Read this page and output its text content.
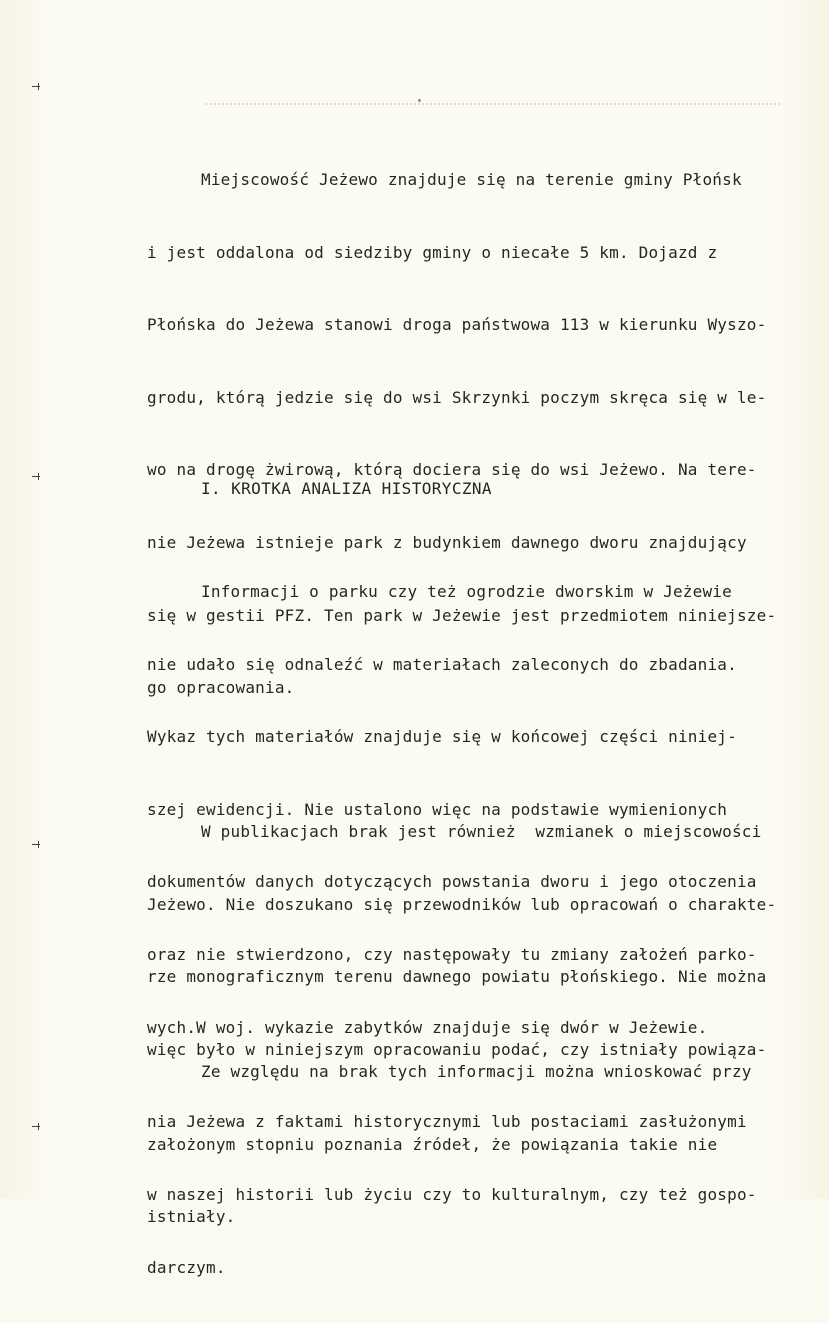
Miejscowość Jeżewo znajduje się na terenie gminy Płońsk

i jest oddalona od siedziby gminy o niecałe 5 km. Dojazd z

Płońska do Jeżewa stanowi droga państwowa 113 w kierunku Wyszo-

grodu, którą jedzie się do wsi Skrzynki poczym skręca się w le-

wo na drogę żwirową, którą dociera się do wsi Jeżewo. Na tere-

nie Jeżewa istnieje park z budynkiem dawnego dworu znajdujący

się w gestii PFZ. Ten park w Jeżewie jest przedmiotem niniejsze-

go opracowania.

I. KROTKA ANALIZA HISTORYCZNA

Informacji o parku czy też ogrodzie dworskim w Jeżewie

nie udało się odnaleźć w materiałach zaleconych do zbadania.

Wykaz tych materiałów znajduje się w końcowej części niniej-

szej ewidencji. Nie ustalono więc na podstawie wymienionych

dokumentów danych dotyczących powstania dworu i jego otoczenia

oraz nie stwierdzono, czy następowały tu zmiany założeń parko-

wych.W woj. wykazie zabytków znajduje się dwór w Jeżewie.

W publikacjach brak jest również  wzmianek o miejscowości

Jeżewo. Nie doszukano się przewodników lub opracowań o charakte-

rze monograficznym terenu dawnego powiatu płońskiego. Nie można

więc było w niniejszym opracowaniu podać, czy istniały powiąza-

nia Jeżewa z faktami historycznymi lub postaciami zasłużonymi

w naszej historii lub życiu czy to kulturalnym, czy też gospo-

darczym.

Ze względu na brak tych informacji można wnioskować przy

założonym stopniu poznania źródeł, że powiązania takie nie

istniały.
